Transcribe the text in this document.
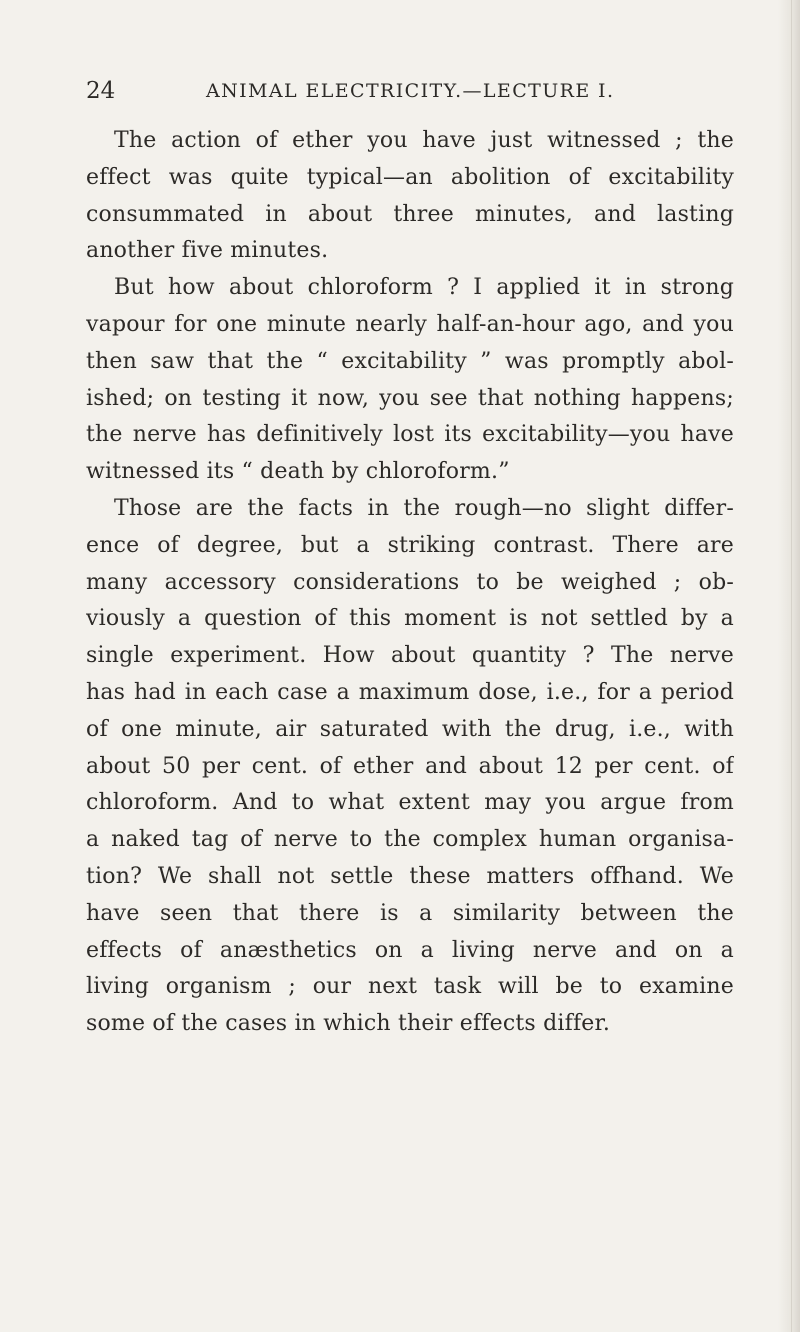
24	ANIMAL ELECTRICITY.—LECTURE I.
The action of ether you have just witnessed ; the
effect was quite typical—an abolition of excitability
consummated in about three minutes, and lasting
another five minutes.
But how about chloroform ? I applied it in strong
vapour for one minute nearly half-an-hour ago, and you
then saw that the “ excitability ” was promptly abol-
ished; on testing it now, you see that nothing happens;
the nerve has definitively lost its excitability—you have
witnessed its “ death by chloroform.”
Those are the facts in the rough—no slight differ-
ence of degree, but a striking contrast. There are
many accessory considerations to be weighed ; ob-
viously a question of this moment is not settled by a
single experiment. How about quantity ? The nerve
has had in each case a maximum dose, i.e., for a period
of one minute, air saturated with the drug, i.e., with
about 50 per cent. of ether and about 12 per cent. of
chloroform. And to what extent may you argue from
a naked tag of nerve to the complex human organisa-
tion? We shall not settle these matters offhand. We
have seen that there is a similarity between the
effects of anæsthetics on a living nerve and on a
living organism ; our next task will be to examine
some of the cases in which their effects differ.
